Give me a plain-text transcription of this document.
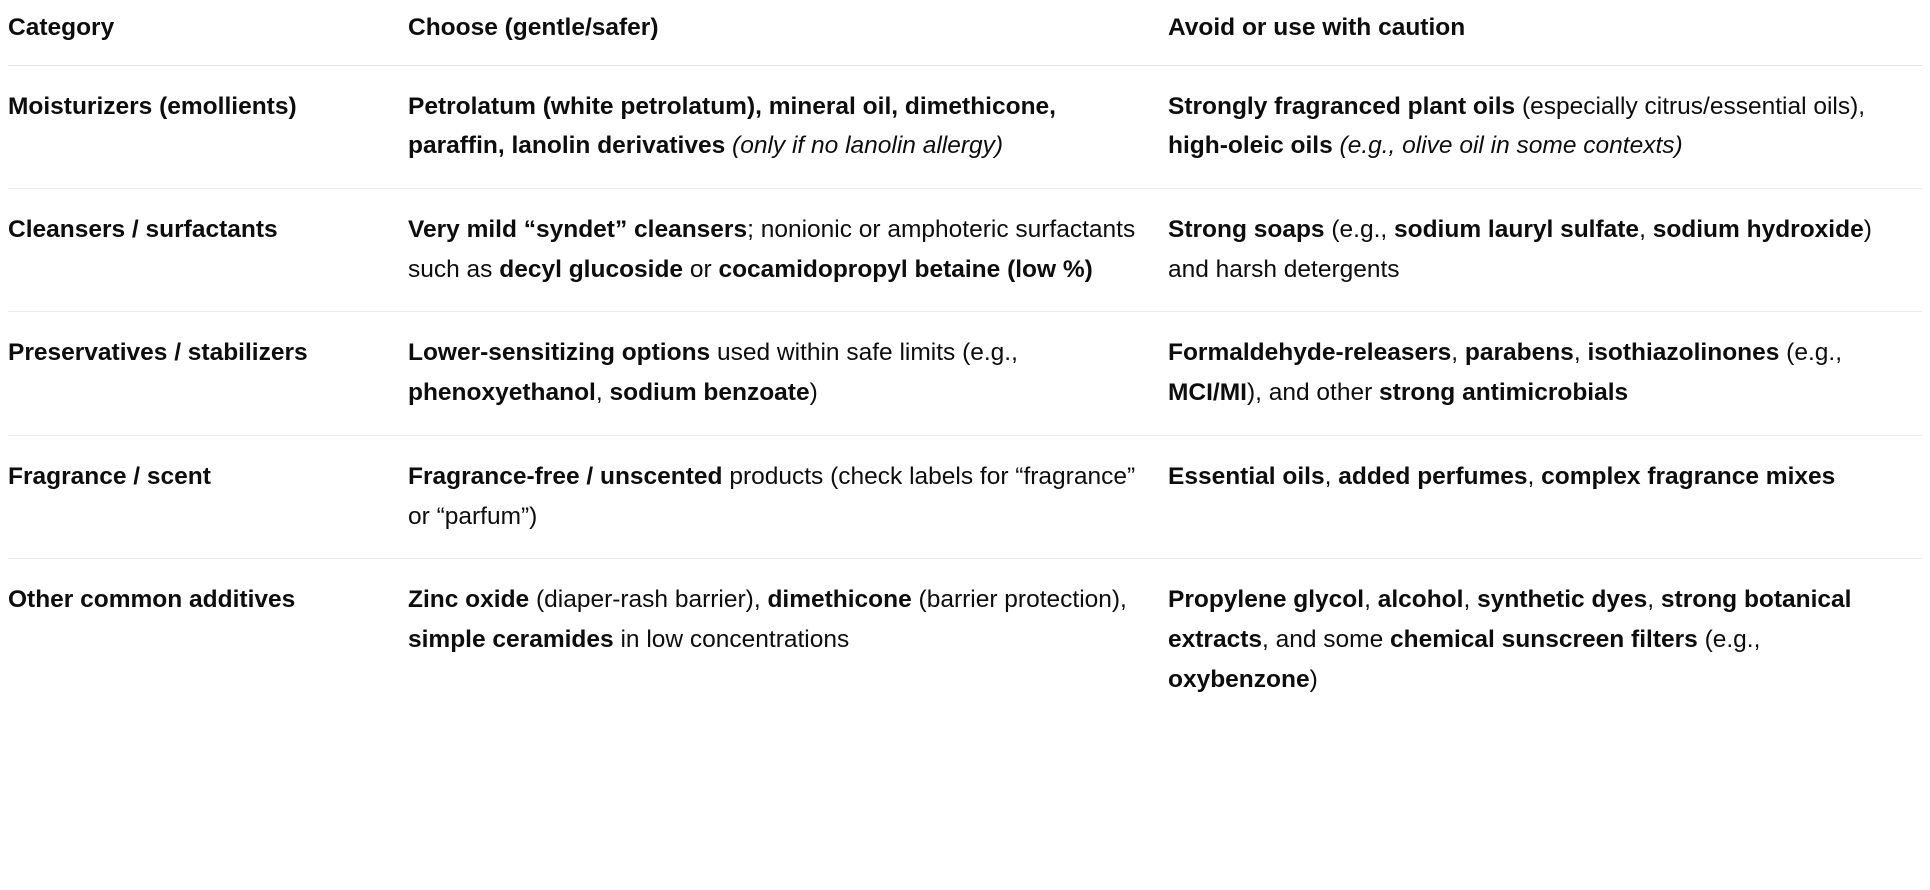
Category	Choose (gentle/safer)	Avoid or use with caution
Moisturizers (emollients)	Petrolatum (white petrolatum), mineral oil, dimethicone, paraffin, lanolin derivatives (only if no lanolin allergy)	Strongly fragranced plant oils (especially citrus/essential oils), high-oleic oils (e.g., olive oil in some contexts)
Cleansers / surfactants	Very mild “syndet” cleansers; nonionic or amphoteric surfactants such as decyl glucoside or cocamidopropyl betaine (low %)	Strong soaps (e.g., sodium lauryl sulfate, sodium hydroxide) and harsh detergents
Preservatives / stabilizers	Lower-sensitizing options used within safe limits (e.g., phenoxyethanol, sodium benzoate)	Formaldehyde-releasers, parabens, isothiazolinones (e.g., MCI/MI), and other strong antimicrobials
Fragrance / scent	Fragrance-free / unscented products (check labels for “fragrance” or “parfum”)	Essential oils, added perfumes, complex fragrance mixes
Other common additives	Zinc oxide (diaper-rash barrier), dimethicone (barrier protection), simple ceramides in low concentrations	Propylene glycol, alcohol, synthetic dyes, strong botanical extracts, and some chemical sunscreen filters (e.g., oxybenzone)
